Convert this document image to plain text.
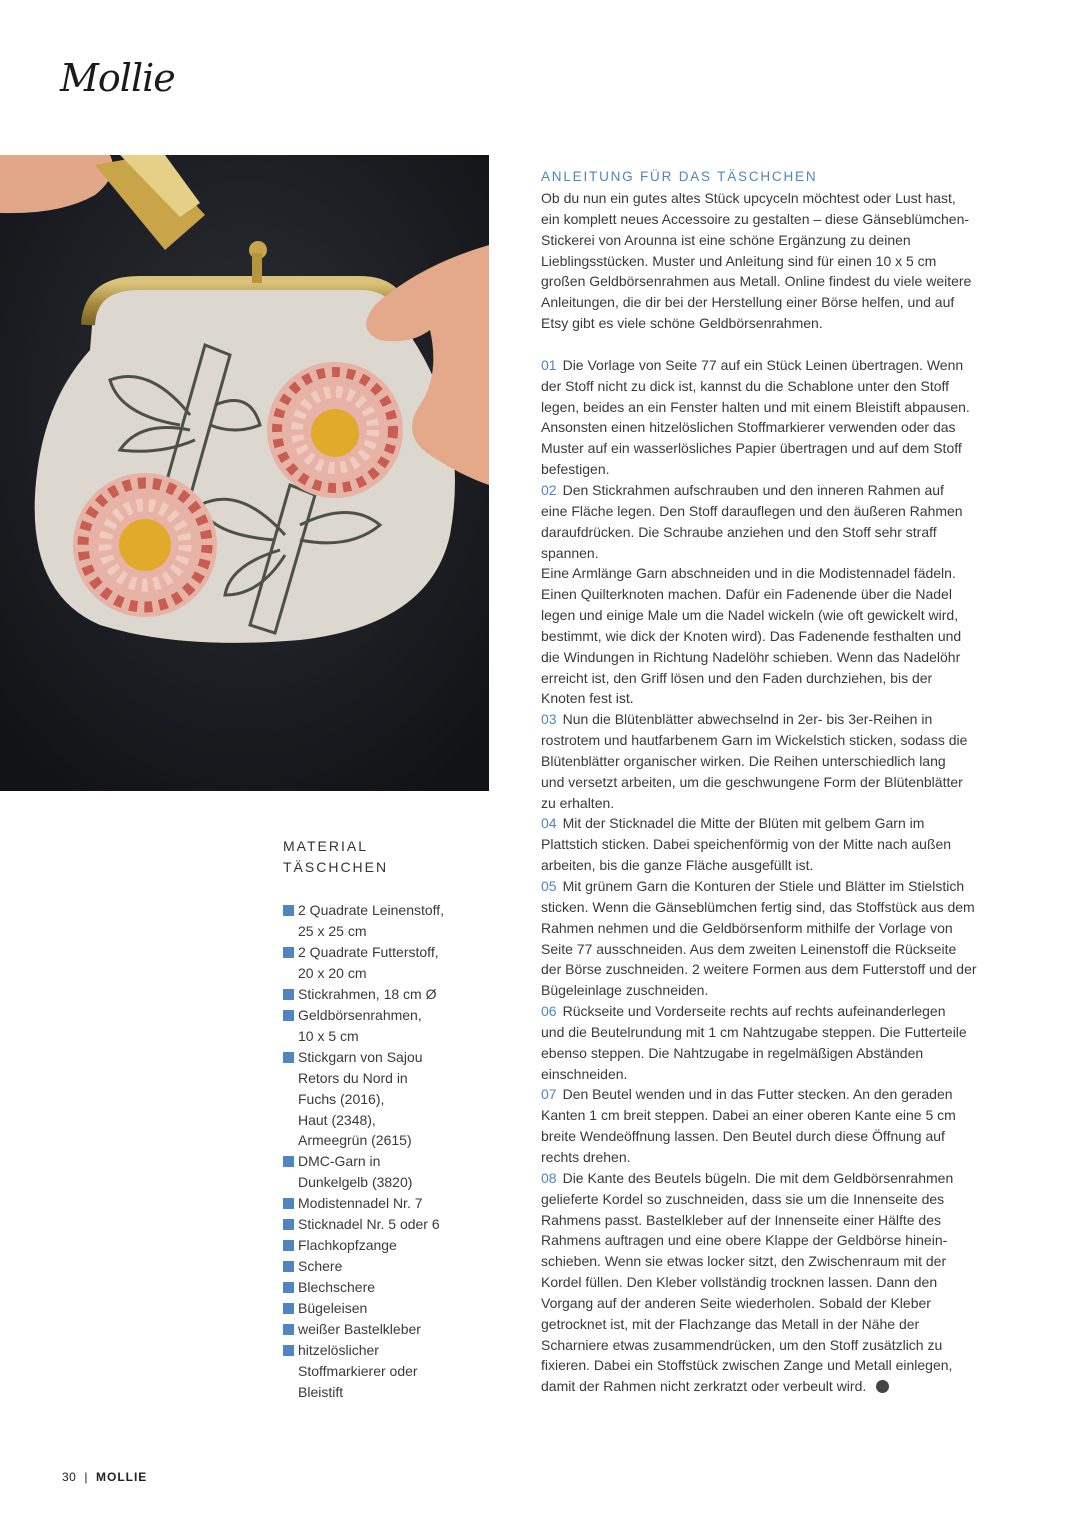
Mollie
MATERIAL
TÄSCHCHEN
2 Quadrate Leinenstoff,
25 x 25 cm
2 Quadrate Futterstoff,
20 x 20 cm
Stickrahmen, 18 cm Ø
Geldbörsenrahmen,
10 x 5 cm
Stickgarn von Sajou
Retors du Nord in
Fuchs (2016),
Haut (2348),
Armeegrün (2615)
DMC-Garn in
Dunkelgelb (3820)
Modistennadel Nr. 7
Sticknadel Nr. 5 oder 6
Flachkopfzange
Schere
Blechschere
Bügeleisen
weißer Bastelkleber
hitzelöslicher
Stoffmarkierer oder
Bleistift
ANLEITUNG FÜR DAS TÄSCHCHEN
Ob du nun ein gutes altes Stück upcyceln möchtest oder Lust hast,
ein komplett neues Accessoire zu gestalten – diese Gänseblümchen-
Stickerei von Arounna ist eine schöne Ergänzung zu deinen
Lieblingsstücken. Muster und Anleitung sind für einen 10 x 5 cm
großen Geldbörsenrahmen aus Metall. Online findest du viele weitere
Anleitungen, die dir bei der Herstellung einer Börse helfen, und auf
Etsy gibt es viele schöne Geldbörsenrahmen.
01 Die Vorlage von Seite 77 auf ein Stück Leinen übertragen. Wenn
der Stoff nicht zu dick ist, kannst du die Schablone unter den Stoff
legen, beides an ein Fenster halten und mit einem Bleistift abpausen.
Ansonsten einen hitzelöslichen Stoffmarkierer verwenden oder das
Muster auf ein wasserlösliches Papier übertragen und auf dem Stoff
befestigen.
02 Den Stickrahmen aufschrauben und den inneren Rahmen auf
eine Fläche legen. Den Stoff darauflegen und den äußeren Rahmen
daraufdrücken. Die Schraube anziehen und den Stoff sehr straff
spannen.
Eine Armlänge Garn abschneiden und in die Modistennadel fädeln.
Einen Quilterknoten machen. Dafür ein Fadenende über die Nadel
legen und einige Male um die Nadel wickeln (wie oft gewickelt wird,
bestimmt, wie dick der Knoten wird). Das Fadenende festhalten und
die Windungen in Richtung Nadelöhr schieben. Wenn das Nadelöhr
erreicht ist, den Griff lösen und den Faden durchziehen, bis der
Knoten fest ist.
03 Nun die Blütenblätter abwechselnd in 2er- bis 3er-Reihen in
rostrotem und hautfarbenem Garn im Wickelstich sticken, sodass die
Blütenblätter organischer wirken. Die Reihen unterschiedlich lang
und versetzt arbeiten, um die geschwungene Form der Blütenblätter
zu erhalten.
04 Mit der Sticknadel die Mitte der Blüten mit gelbem Garn im
Plattstich sticken. Dabei speichenförmig von der Mitte nach außen
arbeiten, bis die ganze Fläche ausgefüllt ist.
05 Mit grünem Garn die Konturen der Stiele und Blätter im Stielstich
sticken. Wenn die Gänseblümchen fertig sind, das Stoffstück aus dem
Rahmen nehmen und die Geldbörsenform mithilfe der Vorlage von
Seite 77 ausschneiden. Aus dem zweiten Leinenstoff die Rückseite
der Börse zuschneiden. 2 weitere Formen aus dem Futterstoff und der
Bügeleinlage zuschneiden.
06 Rückseite und Vorderseite rechts auf rechts aufeinanderlegen
und die Beutelrundung mit 1 cm Nahtzugabe steppen. Die Futterteile
ebenso steppen. Die Nahtzugabe in regelmäßigen Abständen
einschneiden.
07 Den Beutel wenden und in das Futter stecken. An den geraden
Kanten 1 cm breit steppen. Dabei an einer oberen Kante eine 5 cm
breite Wendeöffnung lassen. Den Beutel durch diese Öffnung auf
rechts drehen.
08 Die Kante des Beutels bügeln. Die mit dem Geldbörsenrahmen
gelieferte Kordel so zuschneiden, dass sie um die Innenseite des
Rahmens passt. Bastelkleber auf der Innenseite einer Hälfte des
Rahmens auftragen und eine obere Klappe der Geldbörse hinein-
schieben. Wenn sie etwas locker sitzt, den Zwischenraum mit der
Kordel füllen. Den Kleber vollständig trocknen lassen. Dann den
Vorgang auf der anderen Seite wiederholen. Sobald der Kleber
getrocknet ist, mit der Flachzange das Metall in der Nähe der
Scharniere etwas zusammendrücken, um den Stoff zusätzlich zu
fixieren. Dabei ein Stoffstück zwischen Zange und Metall einlegen,
damit der Rahmen nicht zerkratzt oder verbeult wird.
30 | MOLLIE
